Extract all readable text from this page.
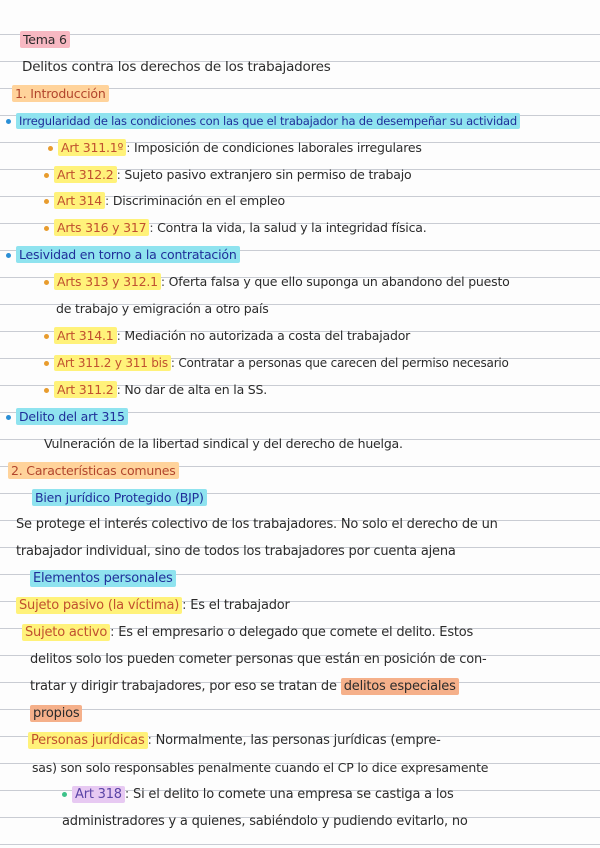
Tema 6
Delitos contra los derechos de los trabajadores
1. Introducción
Irregularidad de las condiciones con las que el trabajador ha de desempeñar su actividad
Art 311.1º : Imposición de condiciones laborales irregulares
Art 312.2 : Sujeto pasivo extranjero sin permiso de trabajo
Art 314 : Discriminación en el empleo
Arts 316 y 317 : Contra la vida, la salud y la integridad física.
Lesividad en torno a la contratación
Arts 313 y 312.1 : Oferta falsa y que ello suponga un abandono del puesto
de trabajo y emigración a otro país
Art 314.1 : Mediación no autorizada a costa del trabajador
Art 311.2 y 311 bis : Contratar a personas que carecen del permiso necesario
Art 311.2 : No dar de alta en la SS.
Delito del art 315
Vulneración de la libertad sindical y del derecho de huelga.
2. Características comunes
Bien jurídico Protegido (BJP)
Se protege el interés colectivo de los trabajadores. No solo el derecho de un
trabajador individual, sino de todos los trabajadores por cuenta ajena
Elementos personales
Sujeto pasivo (la víctima) : Es el trabajador
Sujeto activo : Es el empresario o delegado que comete el delito. Estos
delitos solo los pueden cometer personas que están en posición de con-
tratar y dirigir trabajadores, por eso se tratan de delitos especiales
propios
Personas jurídicas : Normalmente, las personas jurídicas (empre-
sas) son solo responsables penalmente cuando el CP lo dice expresamente
Art 318 : Si el delito lo comete una empresa se castiga a los
administradores y a quienes, sabiéndolo y pudiendo evitarlo, no
